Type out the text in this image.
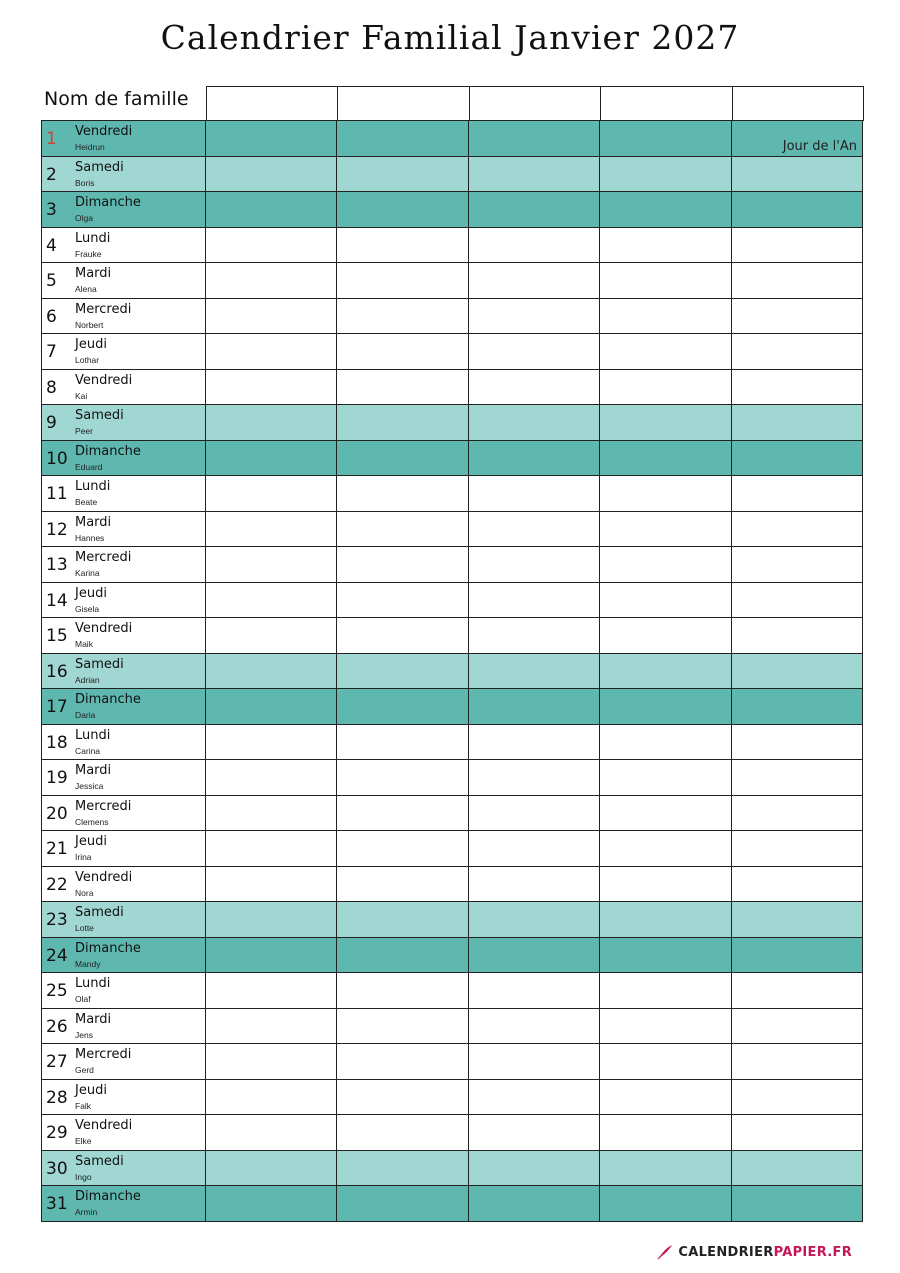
Calendrier Familial Janvier 2027
Nom de famille
1 Vendredi
Heidrun	Jour de l'An
2 Samedi
Boris
3 Dimanche
Olga
4 Lundi
Frauke
5 Mardi
Alena
6 Mercredi
Norbert
7 Jeudi
Lothar
8 Vendredi
Kai
9 Samedi
Peer
10 Dimanche
Eduard
11 Lundi
Beate
12 Mardi
Hannes
13 Mercredi
Karina
14 Jeudi
Gisela
15 Vendredi
Maik
16 Samedi
Adrian
17 Dimanche
Daria
18 Lundi
Carina
19 Mardi
Jessica
20 Mercredi
Clemens
21 Jeudi
Irina
22 Vendredi
Nora
23 Samedi
Lotte
24 Dimanche
Mandy
25 Lundi
Olaf
26 Mardi
Jens
27 Mercredi
Gerd
28 Jeudi
Falk
29 Vendredi
Elke
30 Samedi
Ingo
31 Dimanche
Armin
CALENDRIER PAPIER.FR
